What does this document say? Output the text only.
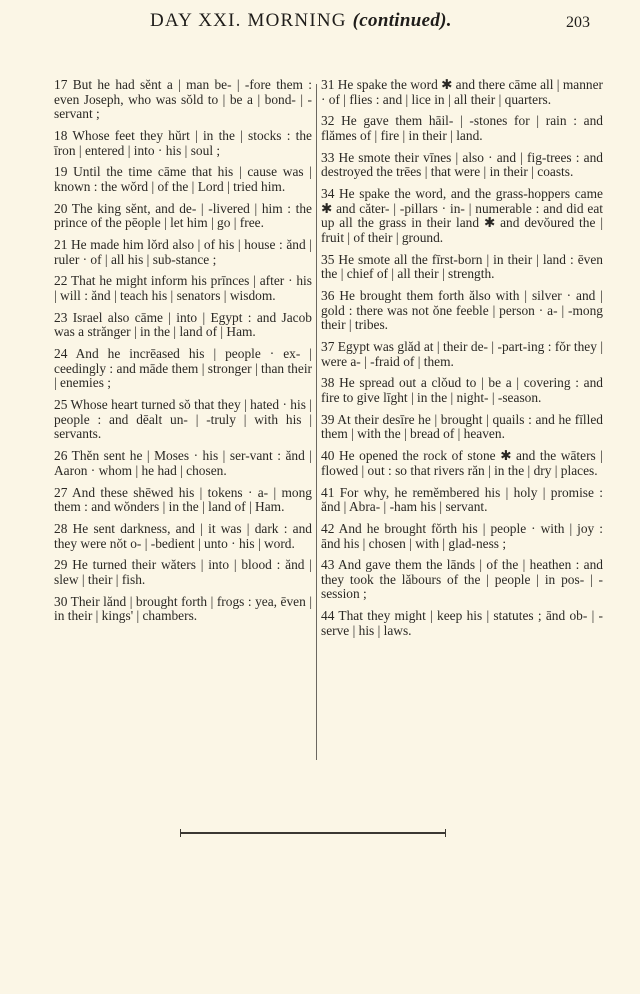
DAY XXI. MORNING (continued).	203

17 But he had sĕnt a | man be- | -fore them : even Joseph, who was sŏld to | be a | bond- | -servant ;

18 Whose feet they hŭrt | in the | stocks : the īron | entered | into · his | soul ;

19 Until the time cāme that his | cause was | known : the wŏrd | of the | Lord | tried him.

20 The king sĕnt, and de- | -livered | him : the prince of the pēople | let him | go | free.

21 He made him lŏrd also | of his | house : ănd | ruler · of | all his | sub-stance ;

22 That he might inform his prīnces | after · his | will : ănd | teach his | senators | wisdom.

23 Israel also cāme | into | Egypt : and Jacob was a strănger | in the | land of | Ham.

24 And he incrēased his | people · ex- | ceedingly : and māde them | stronger | than their | enemies ;

25 Whose heart turned sŏ that they | hated · his | people : and dēalt un- | -truly | with his | servants.

26 Thĕn sent he | Moses · his | ser-vant : ănd | Aaron · whom | he had | chosen.

27 And these shēwed his | tokens · a- | mong them : and wŏnders | in the | land of | Ham.

28 He sent darkness, and | it was | dark : and they were nŏt o- | -bedient | unto · his | word.

29 He turned their wăters | into | blood : ănd | slew | their | fish.

30 Their lănd | brought forth | frogs : yea, ēven | in their | kings' | chambers.

31 He spake the word ✱ and there cāme all | manner · of | flies : and | lice in | all their | quarters.

32 He gave them hāil- | -stones for | rain : and flămes of | fire | in their | land.

33 He smote their vīnes | also · and | fig-trees : and destroyed the trēes | that were | in their | coasts.

34 He spake the word, and the grass-hoppers came ✱ and căter- | -pillars · in- | numerable : and did eat up all the grass in their land ✱ and devŏured the | fruit | of their | ground.

35 He smote all the fīrst-born | in their | land : ēven the | chief of | all their | strength.

36 He brought them forth ălso with | silver · and | gold : there was not ŏne feeble | person · a- | -mong their | tribes.

37 Egypt was glăd at | their de- | -part-ing : fŏr they | were a- | -fraid of | them.

38 He spread out a clŏud to | be a | covering : and fire to give līght | in the | night- | -season.

39 At their desīre he | brought | quails : and he fīlled them | with the | bread of | heaven.

40 He opened the rock of stone ✱ and the wāters | flowed | out : so that rivers răn | in the | dry | places.

41 For why, he remĕmbered his | holy | promise : ănd | Abra- | -ham his | servant.

42 And he brought fŏrth his | people · with | joy : ānd his | chosen | with | glad-ness ;

43 And gave them the lānds | of the | heathen : and they took the lăbours of the | people | in pos- | -session ;

44 That they might | keep his | statutes ; ānd ob- | -serve | his | laws.
